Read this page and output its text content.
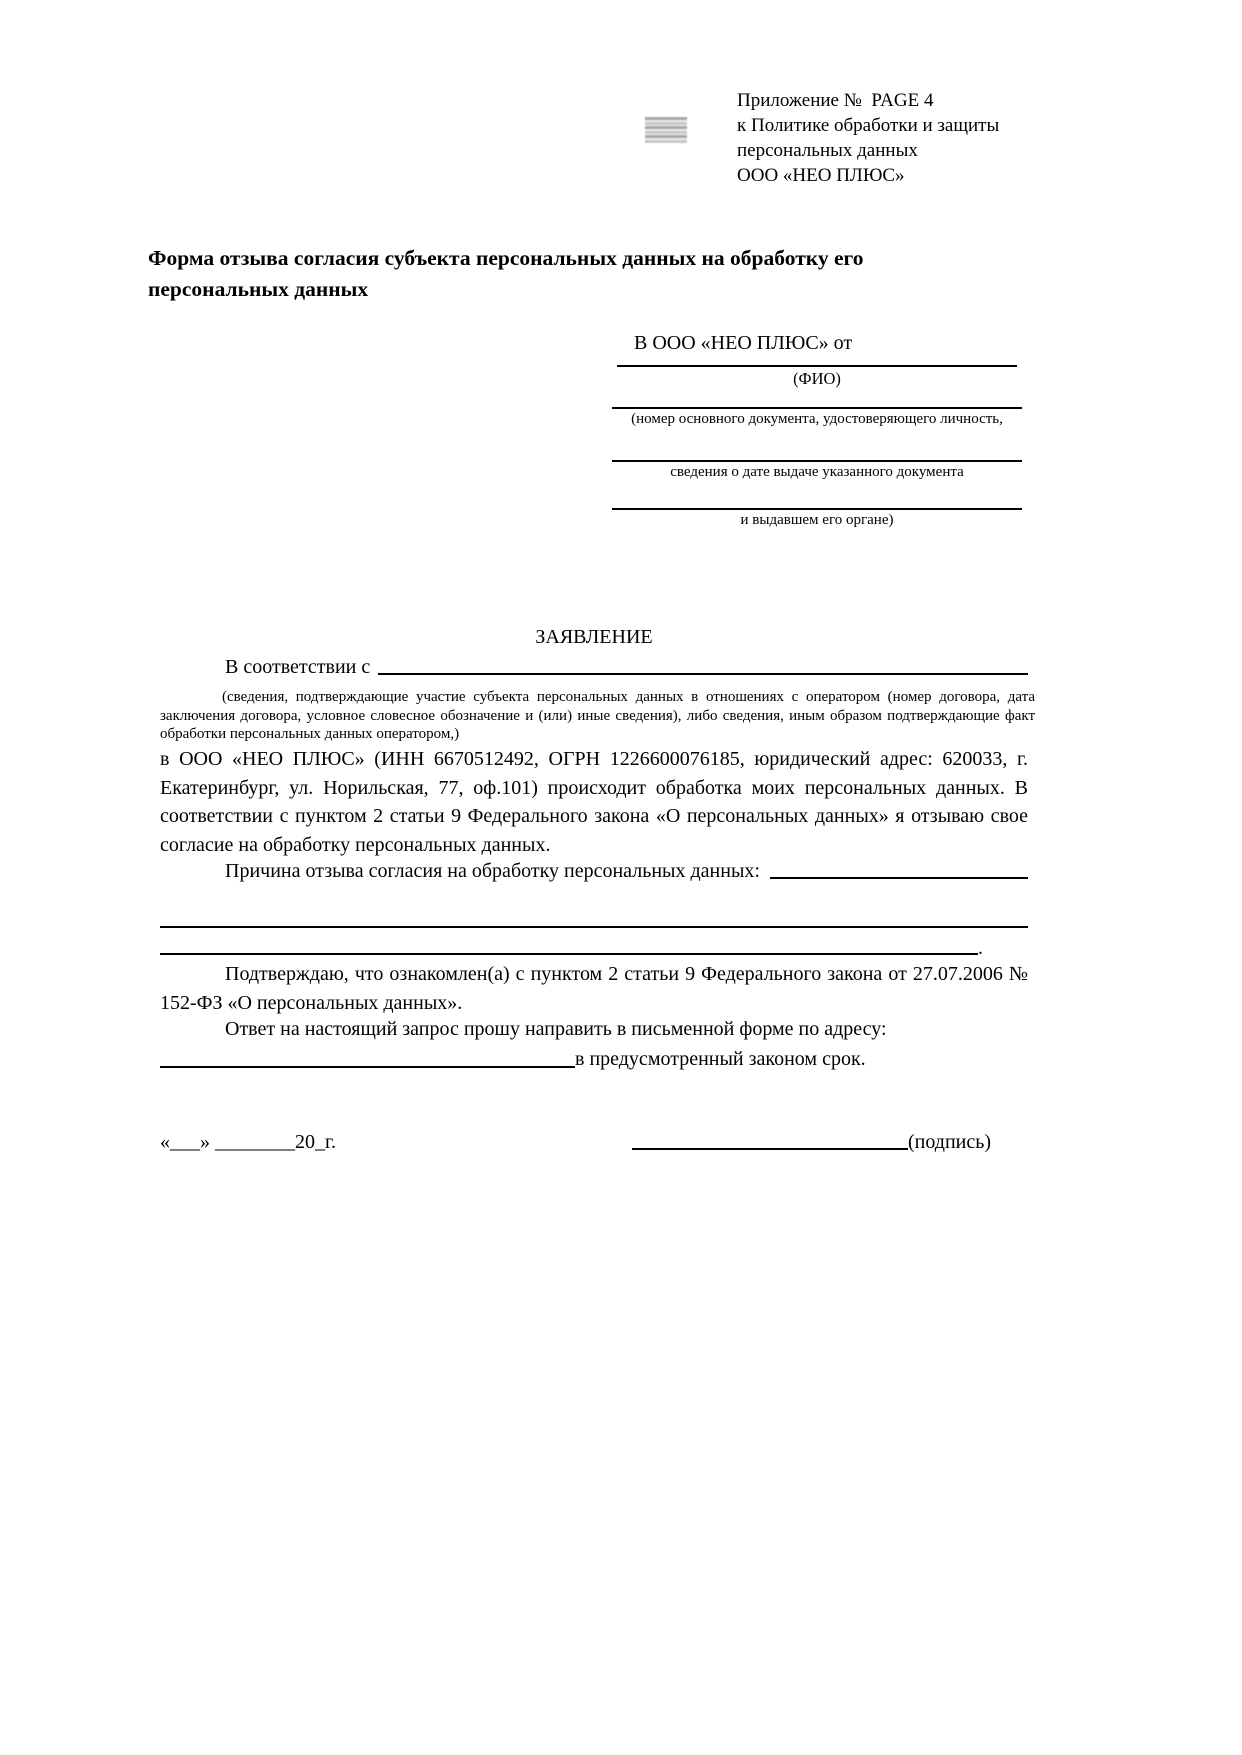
Приложение №  PAGE 4
к Политике обработки и защиты
персональных данных
ООО «НЕО ПЛЮС»
Форма отзыва согласия субъекта персональных данных на обработку его
персональных данных
В ООО «НЕО ПЛЮС» от
(ФИО)
(номер основного документа, удостоверяющего личность,
сведения о дате выдаче указанного документа
и выдавшем его органе)
ЗАЯВЛЕНИЕ
В соответствии с
(сведения, подтверждающие участие субъекта персональных данных в отношениях с оператором (номер договора, дата заключения договора, условное словесное обозначение и (или) иные сведения), либо сведения, иным образом подтверждающие факт обработки персональных данных оператором,)
в ООО «НЕО ПЛЮС» (ИНН 6670512492, ОГРН 1226600076185, юридический адрес: 620033, г. Екатеринбург, ул. Норильская, 77, оф.101) происходит обработка моих персональных данных. В соответствии с пунктом 2 статьи 9 Федерального закона «О персональных данных» я отзываю свое согласие на обработку персональных данных.
Причина отзыва согласия на обработку персональных данных:
.
Подтверждаю, что ознакомлен(а) с пунктом 2 статьи 9 Федерального закона от 27.07.2006 № 152-ФЗ «О персональных данных».
Ответ на настоящий запрос прошу направить в письменной форме по адресу:
в предусмотренный законом срок.
«___» ________20_г.	(подпись)
